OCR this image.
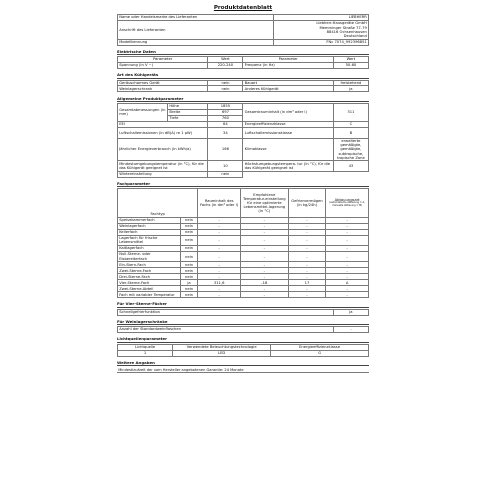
Produktdatenblatt
Name oder Handelsmarke des Lieferanten	LIEBHERR
Anschrift des Lieferanten	Liebherr-Hausgeräte GmbH
Memminger Straße 77-79
88416 Ochsenhausen
Deutschland

Modellkennung	FNc 7074_992396851
Elektrische Daten
Parameter	Wert	Parameter	Wert
Spannung (in V ~)	220-240	Frequenz (in Hz)	50-60
Art des Kühlgeräts
Geräuscharmes Gerät	nein	Bauart	freistehend
Weinlagerschrank	nein	Anderes Kühlgerät	ja
Allgemeine Produktparameter
Gesamtabmessungen (in mm)	Höhe	1855	Gesamtrauminhalt (in dm³ oder l)	311
	Breite	697		
	Tiefe	760		
EEI		64	Energieeffizienzklasse	C
Luftschallemissionen (in dB(A) re 1 pW)		34	Luftschallemissionsklasse	B
Jährlicher Energieverbrauch (in kWh/a)		166	Klimaklasse	erweiterte
gemäßigte,
gemäßigte,
subtropische,
tropische Zone

Mindestumgebungstemperatur (in °C), für die das Kühlgerät geeignet ist		10	Höchstumgebungstempera- tur (in °C), für die das Kühlgerät geeignet ist	43
Wintereinstellung		nein		
Fachparameter
Fachtyp		Rauminhalt des Fachs (in dm³ oder l)	Empfohlene Temperatur-einstellung für eine optimierte Lebensmittel-lagerung (in °C)	Gefriervermögen (in kg/24h)	Abtauungsart
(automatische Abtauung = A, manuelle Abtauung = M)

Speisekammerfach	nein	-	-	-	-
Weinlagerfach	nein	-	-	-	-
Kellerfach	nein	-	-	-	-
Lagerfach für frische Lebensmittel	nein	-	-	-	-
Kaltlagerfach	nein	-	-	-	-
Null-Sterne- oder Eisbereiterfach	nein	-	-	-	-
Ein-Stern-Fach	nein	-	-	-	-
Zwei-Sterne-Fach	nein	-	-	-	-
Drei-Sterne-Fach	nein	-	-	-	-
Vier-Sterne-Fach	ja	311,6	-18	17	A
Zwei-Sterne-Abteil	nein	-	-	-	-
Fach mit variabler Temperatur	nein	-	-	-	-
Für Vier-Sterne-Fächer
Schnellgefrierfunktion	ja
Für Weinlagerschränke
Anzahl der Standardweinflaschen	-
Lichtquellenparameter
Lichtquelle	Verwendete Beleuchtungstechnologie	Energieeffizienzklasse
1	LED	G
Weitere Angaben
Mindestlaufzeit der vom Hersteller angebotenen Garantie: 24 Monate
